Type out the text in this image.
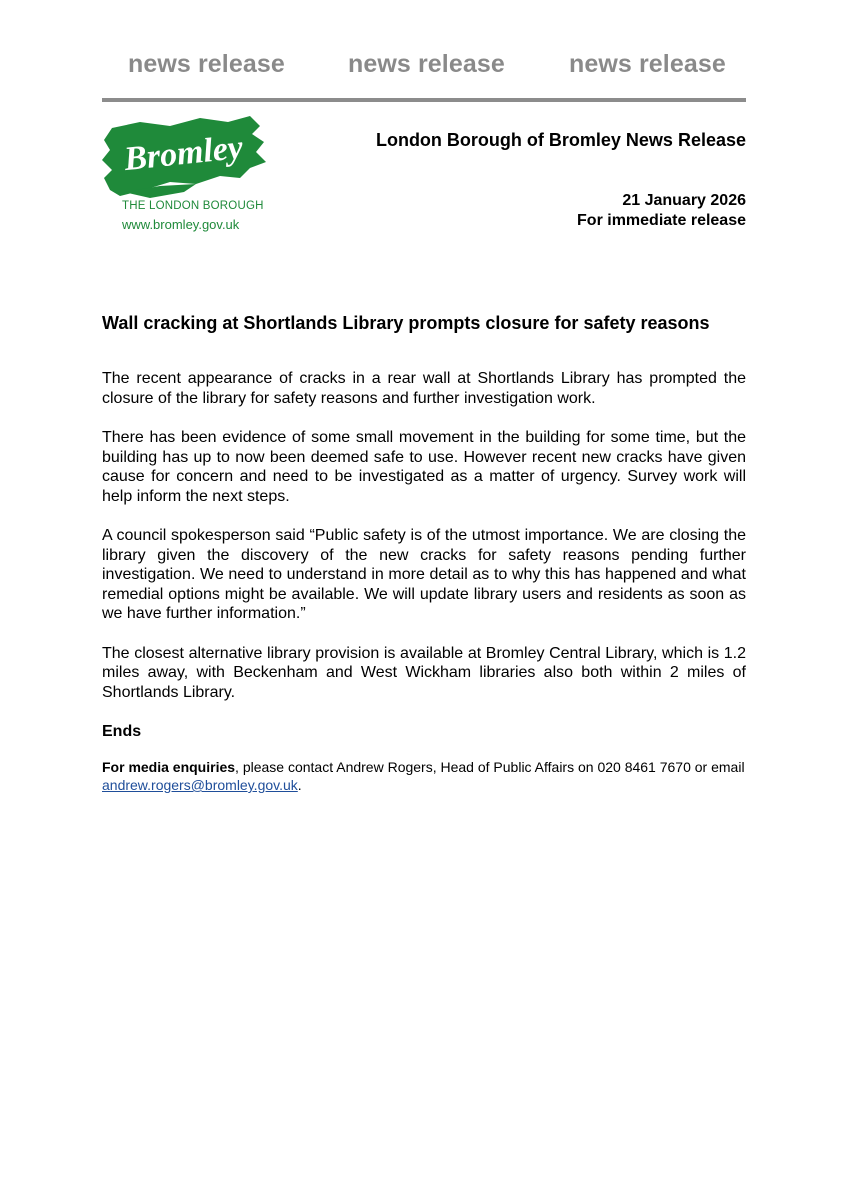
news release	news release	news release
Bromley
THE LONDON BOROUGH
www.bromley.gov.uk
London Borough of Bromley News Release
21 January 2026
For immediate release
Wall cracking at Shortlands Library prompts closure for safety reasons

The recent appearance of cracks in a rear wall at Shortlands Library has prompted the closure of the library for safety reasons and further investigation work.

There has been evidence of some small movement in the building for some time, but the building has up to now been deemed safe to use. However recent new cracks have given cause for concern and need to be investigated as a matter of urgency. Survey work will help inform the next steps.

A council spokesperson said “Public safety is of the utmost importance. We are closing the library given the discovery of the new cracks for safety reasons pending further investigation. We need to understand in more detail as to why this has happened and what remedial options might be available. We will update library users and residents as soon as we have further information.”

The closest alternative library provision is available at Bromley Central Library, which is 1.2 miles away, with Beckenham and West Wickham libraries also both within 2 miles of Shortlands Library.

Ends

For media enquiries, please contact Andrew Rogers, Head of Public Affairs on 020 8461 7670 or email andrew.rogers@bromley.gov.uk.
